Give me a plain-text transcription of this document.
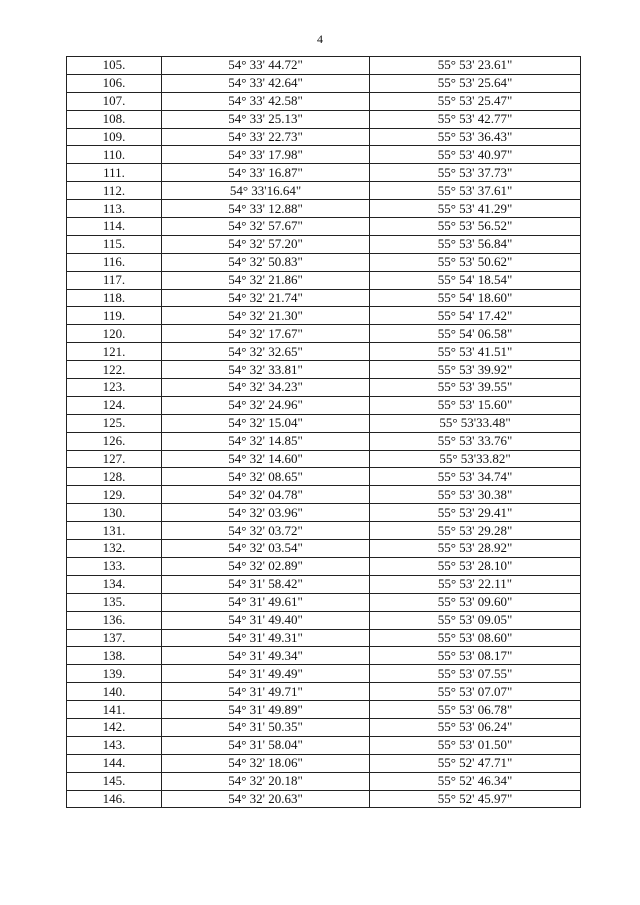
4
105.	54° 33' 44.72"	55° 53' 23.61"
106.	54° 33' 42.64"	55° 53' 25.64"
107.	54° 33' 42.58"	55° 53' 25.47"
108.	54° 33' 25.13"	55° 53' 42.77"
109.	54° 33' 22.73"	55° 53' 36.43"
110.	54° 33' 17.98"	55° 53' 40.97"
111.	54° 33' 16.87"	55° 53' 37.73"
112.	54° 33'16.64"	55° 53' 37.61"
113.	54° 33' 12.88"	55° 53' 41.29"
114.	54° 32' 57.67"	55° 53' 56.52"
115.	54° 32' 57.20"	55° 53' 56.84"
116.	54° 32' 50.83"	55° 53' 50.62"
117.	54° 32' 21.86"	55° 54' 18.54"
118.	54° 32' 21.74"	55° 54' 18.60"
119.	54° 32' 21.30"	55° 54' 17.42"
120.	54° 32' 17.67"	55° 54' 06.58"
121.	54° 32' 32.65"	55° 53' 41.51"
122.	54° 32' 33.81"	55° 53' 39.92"
123.	54° 32' 34.23"	55° 53' 39.55"
124.	54° 32' 24.96"	55° 53' 15.60"
125.	54° 32' 15.04"	55° 53'33.48"
126.	54° 32' 14.85"	55° 53' 33.76"
127.	54° 32' 14.60"	55° 53'33.82"
128.	54° 32' 08.65"	55° 53' 34.74"
129.	54° 32' 04.78"	55° 53' 30.38"
130.	54° 32' 03.96"	55° 53' 29.41"
131.	54° 32' 03.72"	55° 53' 29.28"
132.	54° 32' 03.54"	55° 53' 28.92"
133.	54° 32' 02.89"	55° 53' 28.10"
134.	54° 31' 58.42"	55° 53' 22.11"
135.	54° 31' 49.61"	55° 53' 09.60"
136.	54° 31' 49.40"	55° 53' 09.05"
137.	54° 31' 49.31"	55° 53' 08.60"
138.	54° 31' 49.34"	55° 53' 08.17"
139.	54° 31' 49.49"	55° 53' 07.55"
140.	54° 31' 49.71"	55° 53' 07.07"
141.	54° 31' 49.89"	55° 53' 06.78"
142.	54° 31' 50.35"	55° 53' 06.24"
143.	54° 31' 58.04"	55° 53' 01.50"
144.	54° 32' 18.06"	55° 52' 47.71"
145.	54° 32' 20.18"	55° 52' 46.34"
146.	54° 32' 20.63"	55° 52' 45.97"
